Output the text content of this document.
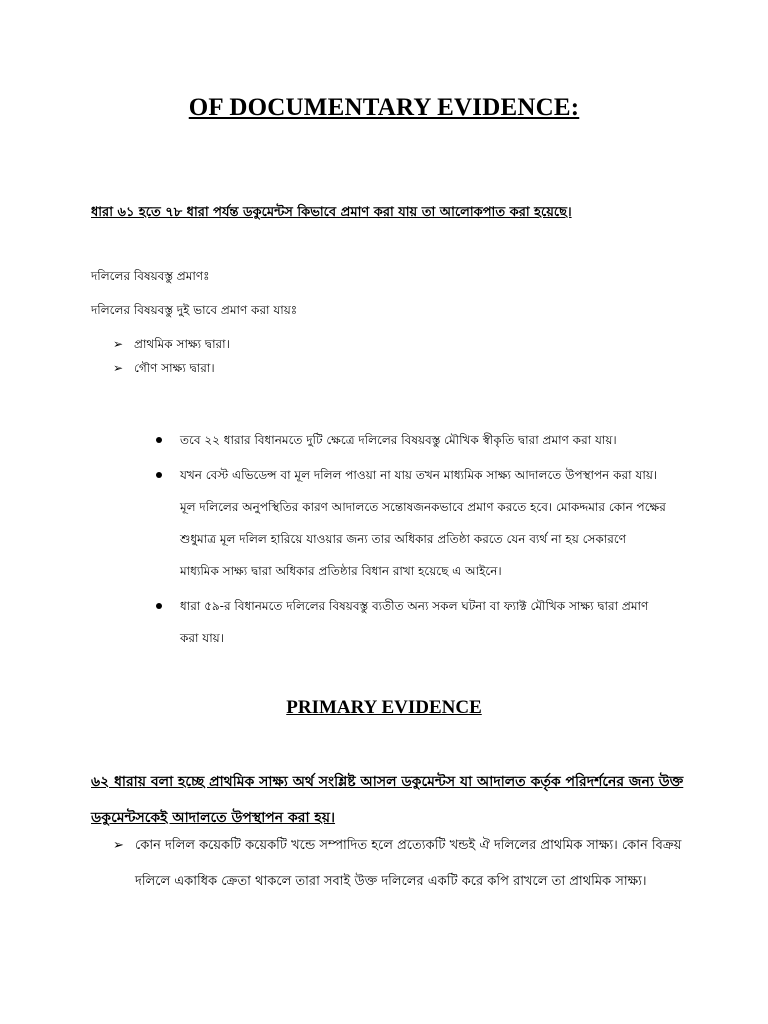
OF DOCUMENTARY EVIDENCE:
ধারা ৬১ হতে ৭৮ ধারা পর্যন্ত ডকুমেন্টস কিভাবে প্রমাণ করা যায় তা আলোকপাত করা হয়েছে।
দলিলের বিষয়বস্তু প্রমাণঃ
দলিলের বিষয়বস্তু দুই ভাবে প্রমাণ করা যায়ঃ
➢ প্রাথমিক সাক্ষ্য দ্বারা।
➢ গৌণ সাক্ষ্য দ্বারা।
তবে ২২ ধারার বিধানমতে দুটি ক্ষেত্রে দলিলের বিষয়বস্তু মৌখিক স্বীকৃতি দ্বারা প্রমাণ করা যায়।
যখন বেস্ট এভিডেন্স বা মূল দলিল পাওয়া না যায় তখন মাধ্যমিক সাক্ষ্য আদালতে উপস্থাপন করা যায়। মূল দলিলের অনুপস্থিতির কারণ আদালতে সন্তোষজনকভাবে প্রমাণ করতে হবে। মোকদ্দমার কোন পক্ষের শুধুমাত্র মূল দলিল হারিয়ে যাওয়ার জন্য তার অধিকার প্রতিষ্ঠা করতে যেন ব্যর্থ না হয় সেকারণে মাধ্যমিক সাক্ষ্য দ্বারা অধিকার প্রতিষ্ঠার বিধান রাখা হয়েছে এ আইনে।
ধারা ৫৯-র বিধানমতে দলিলের বিষয়বস্তু ব্যতীত অন্য সকল ঘটনা বা ফ্যাক্ট মৌখিক সাক্ষ্য দ্বারা প্রমাণ করা যায়।
PRIMARY EVIDENCE
৬২ ধারায় বলা হচ্ছে প্রাথমিক সাক্ষ্য অর্থ সংশ্লিষ্ট আসল ডকুমেন্টস যা আদালত কর্তৃক পরিদর্শনের জন্য উক্ত ডকুমেন্টসকেই আদালতে উপস্থাপন করা হয়।
➢ কোন দলিল কয়েকটি কয়েকটি খন্ডে সম্পাদিত হলে প্রত্যেকটি খন্ডই ঐ দলিলের প্রাথমিক সাক্ষ্য। কোন বিক্রয় দলিলে একাধিক ক্রেতা থাকলে তারা সবাই উক্ত দলিলের একটি করে কপি রাখলে তা প্রাথমিক সাক্ষ্য।
